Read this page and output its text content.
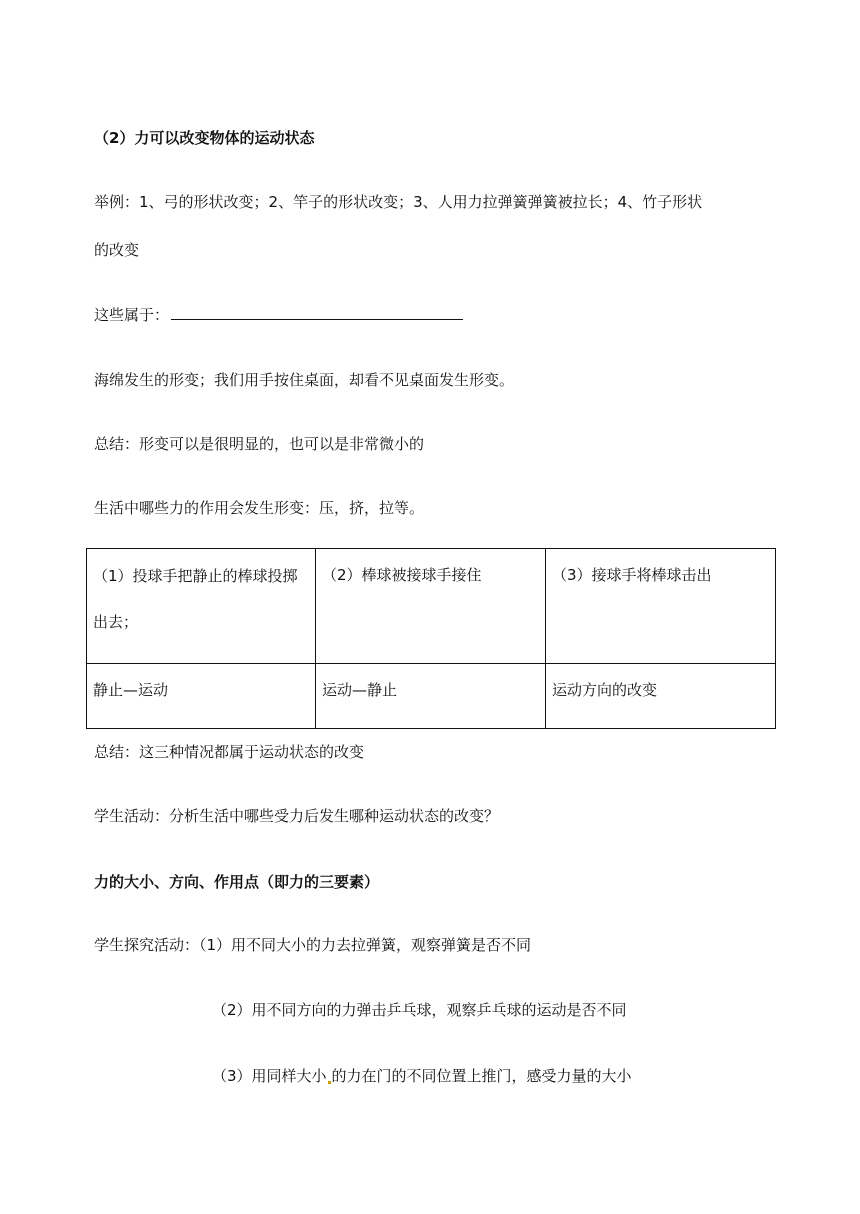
（2）力可以改变物体的运动状态
举例：1、弓的形状改变；2、竿子的形状改变；3、人用力拉弹簧弹簧被拉长；4、竹子形状
的改变
这些属于：
海绵发生的形变；我们用手按住桌面，却看不见桌面发生形变。
总结：形变可以是很明显的，也可以是非常微小的
生活中哪些力的作用会发生形变：压，挤，拉等。
（1）投球手把静止的棒球投掷出去；	（2）棒球被接球手接住	（3）接球手将棒球击出

静止—运动	运动—静止	运动方向的改变
总结：这三种情况都属于运动状态的改变
学生活动：分析生活中哪些受力后发生哪种运动状态的改变？
力的大小、方向、作用点（即力的三要素）
学生探究活动：（1）用不同大小的力去拉弹簧，观察弹簧是否不同
（2）用不同方向的力弹击乒乓球，观察乒乓球的运动是否不同
（3）用同样大小 的力在门的不同位置上推门，感受力量的大小
